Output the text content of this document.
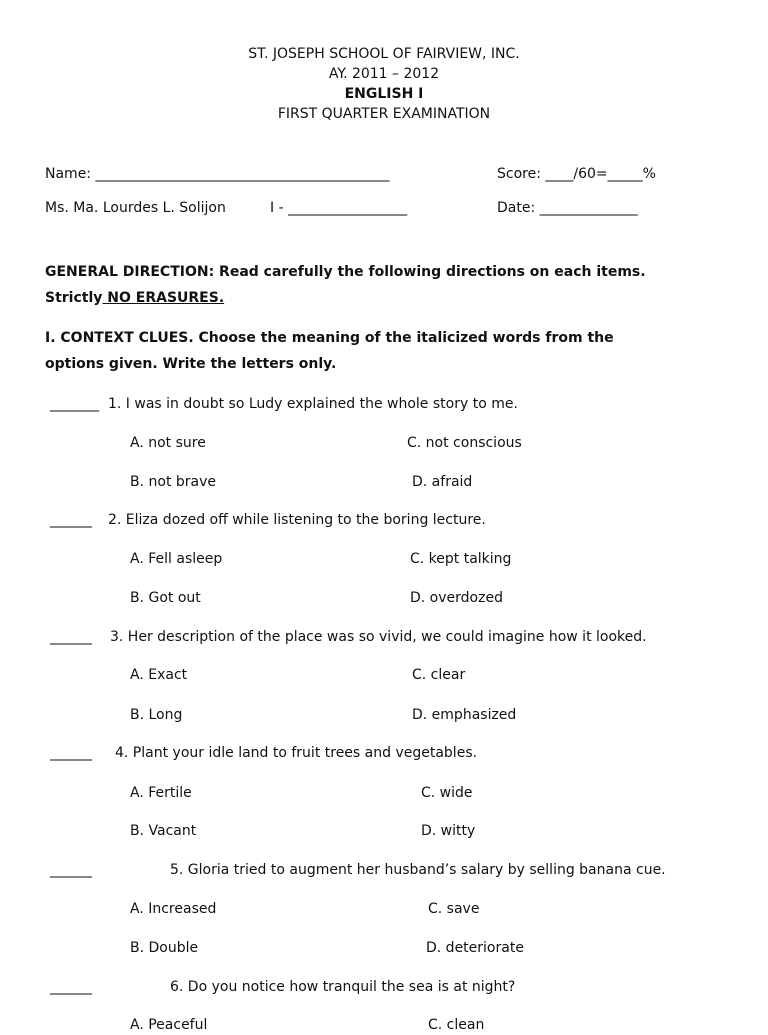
ST. JOSEPH SCHOOL OF FAIRVIEW, INC.
AY. 2011 – 2012
ENGLISH I
FIRST QUARTER EXAMINATION
Name: __________________________________________	Score: ____/60=_____%
Ms. Ma. Lourdes L. Solijon	I - _________________	Date: ______________
GENERAL DIRECTION: Read carefully the following directions on each items.
Strictly NO ERASURES.
I. CONTEXT CLUES. Choose the meaning of the italicized words from the
options given. Write the letters only.
_______ 1. I was in doubt so Ludy explained the whole story to me.
A. not sure	C. not conscious
B. not brave	D. afraid
______ 2. Eliza dozed off while listening to the boring lecture.
A. Fell asleep	C. kept talking
B. Got out	D. overdozed
______ 3. Her description of the place was so vivid, we could imagine how it looked.
A. Exact	C. clear
B. Long	D. emphasized
______ 4. Plant your idle land to fruit trees and vegetables.
A. Fertile	C. wide
B. Vacant	D. witty
______	5. Gloria tried to augment her husband’s salary by selling banana cue.
A. Increased	C. save
B. Double	D. deteriorate
______	6. Do you notice how tranquil the sea is at night?
A. Peaceful	C. clean
